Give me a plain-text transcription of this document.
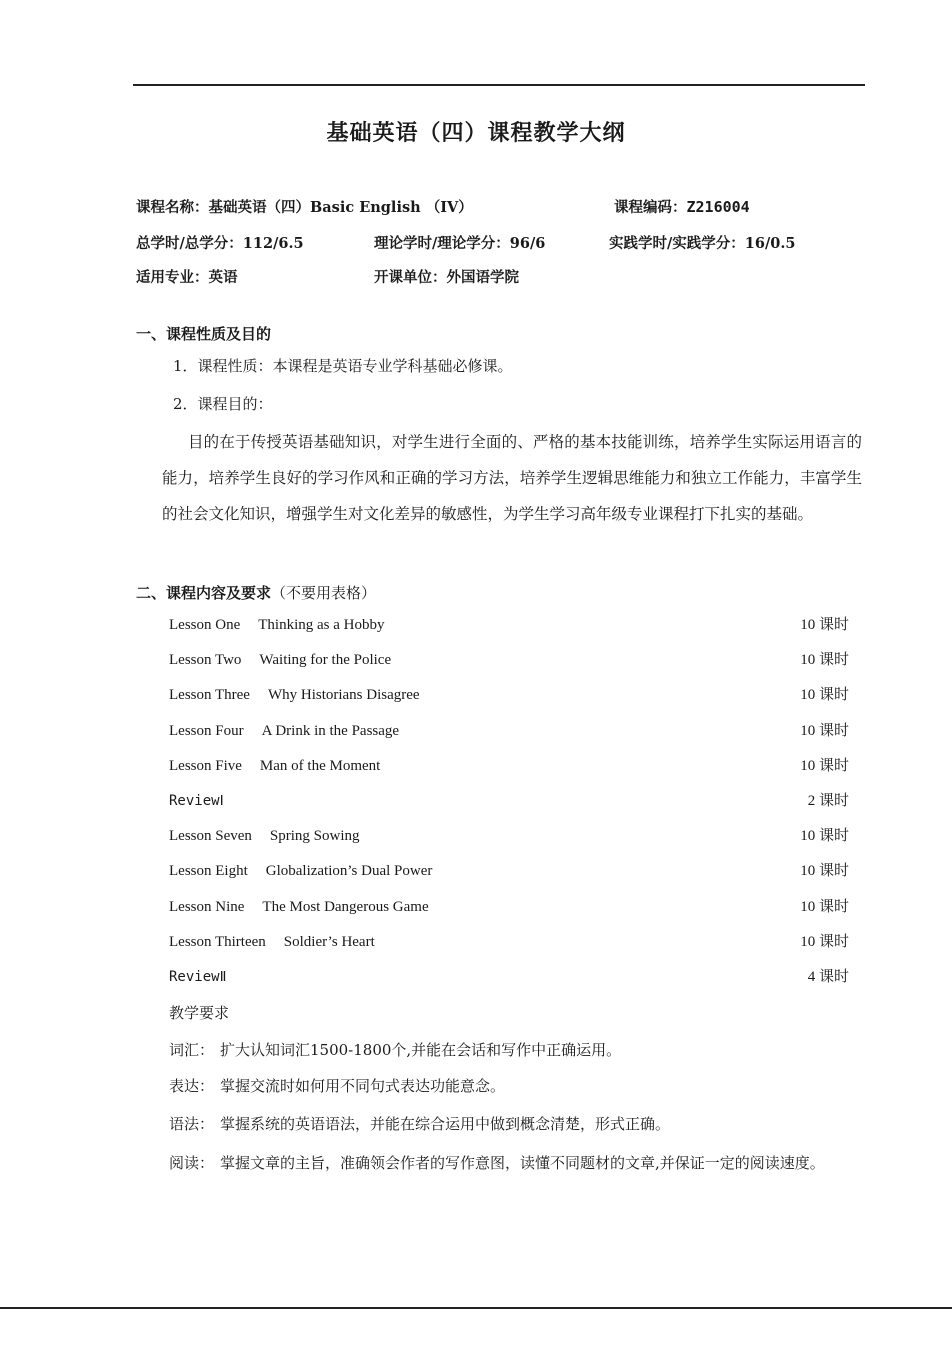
基础英语（四）课程教学大纲
课程名称：基础英语（四）Basic English （ⅠⅤ）	课程编码：Z216004
总学时/总学分：112/6.5	理论学时/理论学分：96/6	实践学时/实践学分：16/0.5
适用专业：英语	开课单位：外国语学院
一、课程性质及目的
1．课程性质：本课程是英语专业学科基础必修课。
2．课程目的：
目的在于传授英语基础知识，对学生进行全面的、严格的基本技能训练，培养学生实际运用语言的能力，培养学生良好的学习作风和正确的学习方法，培养学生逻辑思维能力和独立工作能力，丰富学生的社会文化知识，增强学生对文化差异的敏感性，为学生学习高年级专业课程打下扎实的基础。
二、课程内容及要求（不要用表格）
Lesson One Thinking as a Hobby	10 课时
Lesson Two Waiting for the Police	10 课时
Lesson Three Why Historians Disagree	10 课时
Lesson Four A Drink in the Passage	10 课时
Lesson Five Man of the Moment	10 课时
ReviewⅠ	2 课时
Lesson Seven Spring Sowing	10 课时
Lesson Eight Globalization’s Dual Power	10 课时
Lesson Nine The Most Dangerous Game	10 课时
Lesson Thirteen Soldier’s Heart	10 课时
ReviewⅡ	4 课时
教学要求
词汇： 扩大认知词汇1500-1800个,并能在会话和写作中正确运用。
表达： 掌握交流时如何用不同句式表达功能意念。
语法： 掌握系统的英语语法，并能在综合运用中做到概念清楚，形式正确。
阅读： 掌握文章的主旨，准确领会作者的写作意图，读懂不同题材的文章,并保证一定的阅读速度。
